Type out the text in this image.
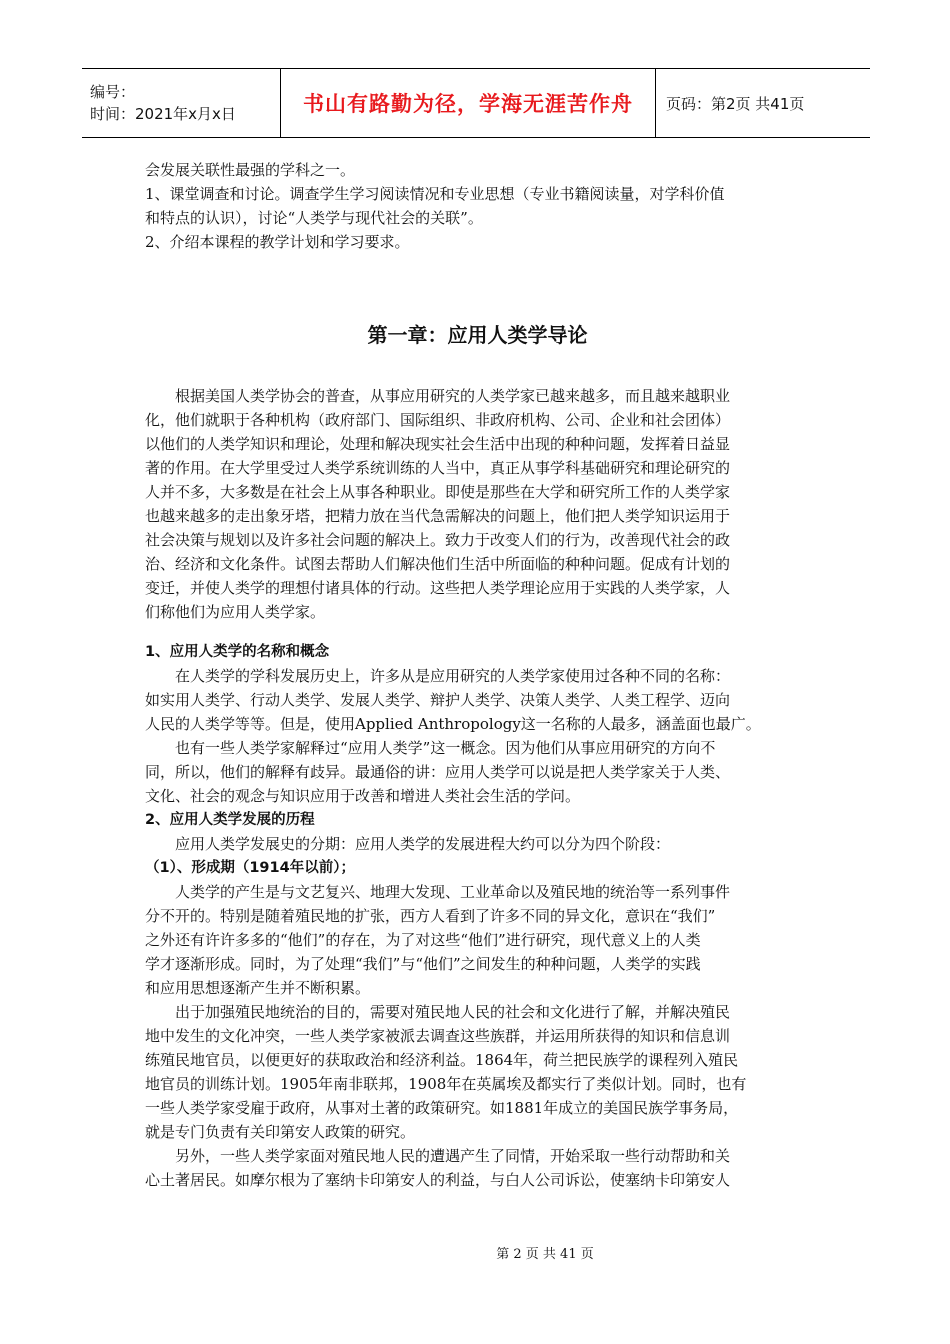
编号：
时间：2021年x月x日	书山有路勤为径，学海无涯苦作舟	页码：第2页 共41页
会发展关联性最强的学科之一。
1、课堂调查和讨论。调查学生学习阅读情况和专业思想（专业书籍阅读量，对学科价值
和特点的认识），讨论“人类学与现代社会的关联”。
2、介绍本课程的教学计划和学习要求。
第一章：应用人类学导论
根据美国人类学协会的普查，从事应用研究的人类学家已越来越多，而且越来越职业
化，他们就职于各种机构（政府部门、国际组织、非政府机构、公司、企业和社会团体）
以他们的人类学知识和理论，处理和解决现实社会生活中出现的种种问题，发挥着日益显
著的作用。在大学里受过人类学系统训练的人当中，真正从事学科基础研究和理论研究的
人并不多，大多数是在社会上从事各种职业。即使是那些在大学和研究所工作的人类学家
也越来越多的走出象牙塔，把精力放在当代急需解决的问题上，他们把人类学知识运用于
社会决策与规划以及许多社会问题的解决上。致力于改变人们的行为，改善现代社会的政
治、经济和文化条件。试图去帮助人们解决他们生活中所面临的种种问题。促成有计划的
变迁，并使人类学的理想付诸具体的行动。这些把人类学理论应用于实践的人类学家，人
们称他们为应用人类学家。
1、应用人类学的名称和概念
在人类学的学科发展历史上，许多从是应用研究的人类学家使用过各种不同的名称：
如实用人类学、行动人类学、发展人类学、辩护人类学、决策人类学、人类工程学、迈向
人民的人类学等等。但是，使用Applied Anthropology这一名称的人最多，涵盖面也最广。
也有一些人类学家解释过“应用人类学”这一概念。因为他们从事应用研究的方向不
同，所以，他们的解释有歧异。最通俗的讲：应用人类学可以说是把人类学家关于人类、
文化、社会的观念与知识应用于改善和增进人类社会生活的学问。
2、应用人类学发展的历程
应用人类学发展史的分期：应用人类学的发展进程大约可以分为四个阶段：
（1）、形成期（1914年以前）；
人类学的产生是与文艺复兴、地理大发现、工业革命以及殖民地的统治等一系列事件
分不开的。特别是随着殖民地的扩张，西方人看到了许多不同的异文化，意识在“我们”
之外还有许许多多的“他们”的存在，为了对这些“他们”进行研究，现代意义上的人类
学才逐渐形成。同时，为了处理“我们”与“他们”之间发生的种种问题，人类学的实践
和应用思想逐渐产生并不断积累。
出于加强殖民地统治的目的，需要对殖民地人民的社会和文化进行了解，并解决殖民
地中发生的文化冲突，一些人类学家被派去调查这些族群，并运用所获得的知识和信息训
练殖民地官员，以便更好的获取政治和经济利益。1864年，荷兰把民族学的课程列入殖民
地官员的训练计划。1905年南非联邦，1908年在英属埃及都实行了类似计划。同时，也有
一些人类学家受雇于政府，从事对土著的政策研究。如1881年成立的美国民族学事务局，
就是专门负责有关印第安人政策的研究。
另外，一些人类学家面对殖民地人民的遭遇产生了同情，开始采取一些行动帮助和关
心土著居民。如摩尔根为了塞纳卡印第安人的利益，与白人公司诉讼，使塞纳卡印第安人
第 2 页 共 41 页
